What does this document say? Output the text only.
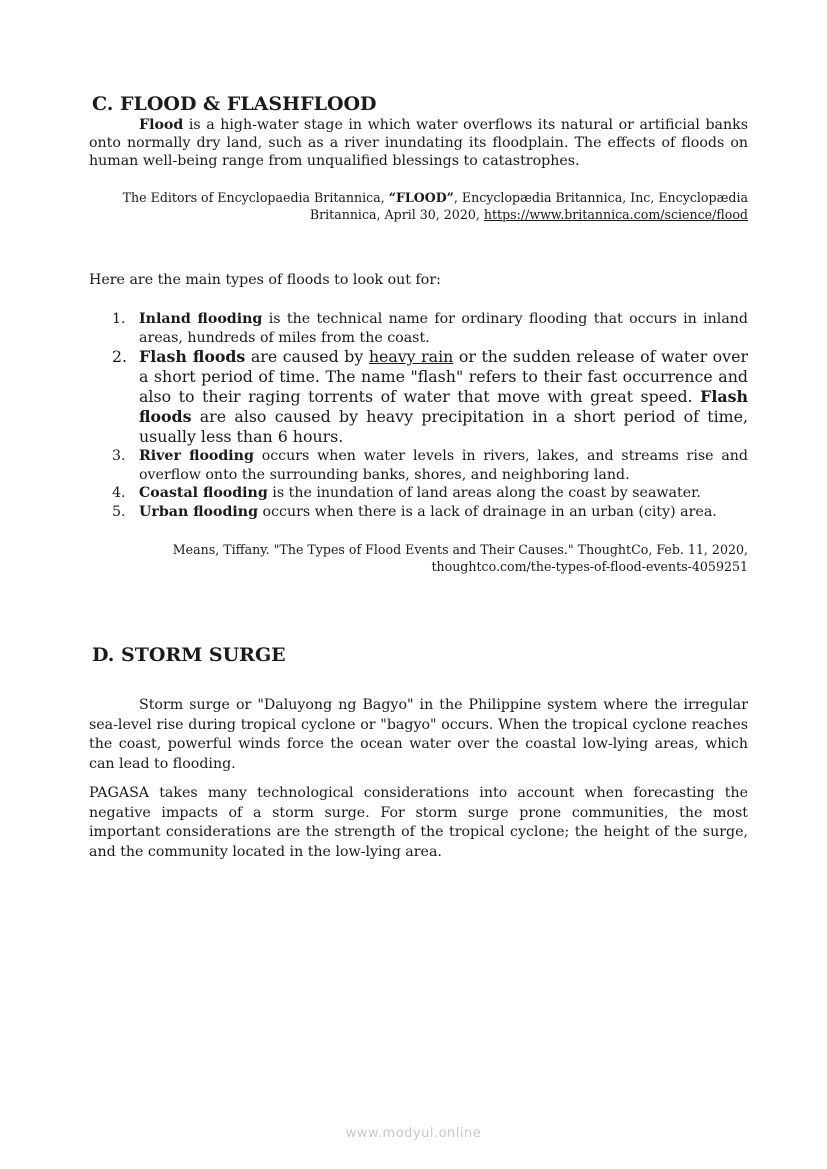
C. FLOOD & FLASHFLOOD

Flood is a high-water stage in which water overflows its natural or artificial banks onto normally dry land, such as a river inundating its floodplain. The effects of floods on human well-being range from unqualified blessings to catastrophes.

The Editors of Encyclopaedia Britannica, “FLOOD”, Encyclopædia Britannica, Inc, Encyclopædia Britannica, April 30, 2020, https://www.britannica.com/science/flood

Here are the main types of floods to look out for:

1. Inland flooding is the technical name for ordinary flooding that occurs in inland areas, hundreds of miles from the coast.
2. Flash floods are caused by heavy rain or the sudden release of water over a short period of time. The name "flash" refers to their fast occurrence and also to their raging torrents of water that move with great speed. Flash floods are also caused by heavy precipitation in a short period of time, usually less than 6 hours.
3. River flooding occurs when water levels in rivers, lakes, and streams rise and overflow onto the surrounding banks, shores, and neighboring land.
4. Coastal flooding is the inundation of land areas along the coast by seawater.
5. Urban flooding occurs when there is a lack of drainage in an urban (city) area.
Means, Tiffany. "The Types of Flood Events and Their Causes." ThoughtCo, Feb. 11, 2020,
thoughtco.com/the-types-of-flood-events-4059251
D. STORM SURGE

Storm surge or "Daluyong ng Bagyo" in the Philippine system where the irregular sea-level rise during tropical cyclone or "bagyo" occurs. When the tropical cyclone reaches the coast, powerful winds force the ocean water over the coastal low-lying areas, which can lead to flooding.

PAGASA takes many technological considerations into account when forecasting the negative impacts of a storm surge. For storm surge prone communities, the most important considerations are the strength of the tropical cyclone; the height of the surge, and the community located in the low-lying area.

www.modyul.online
